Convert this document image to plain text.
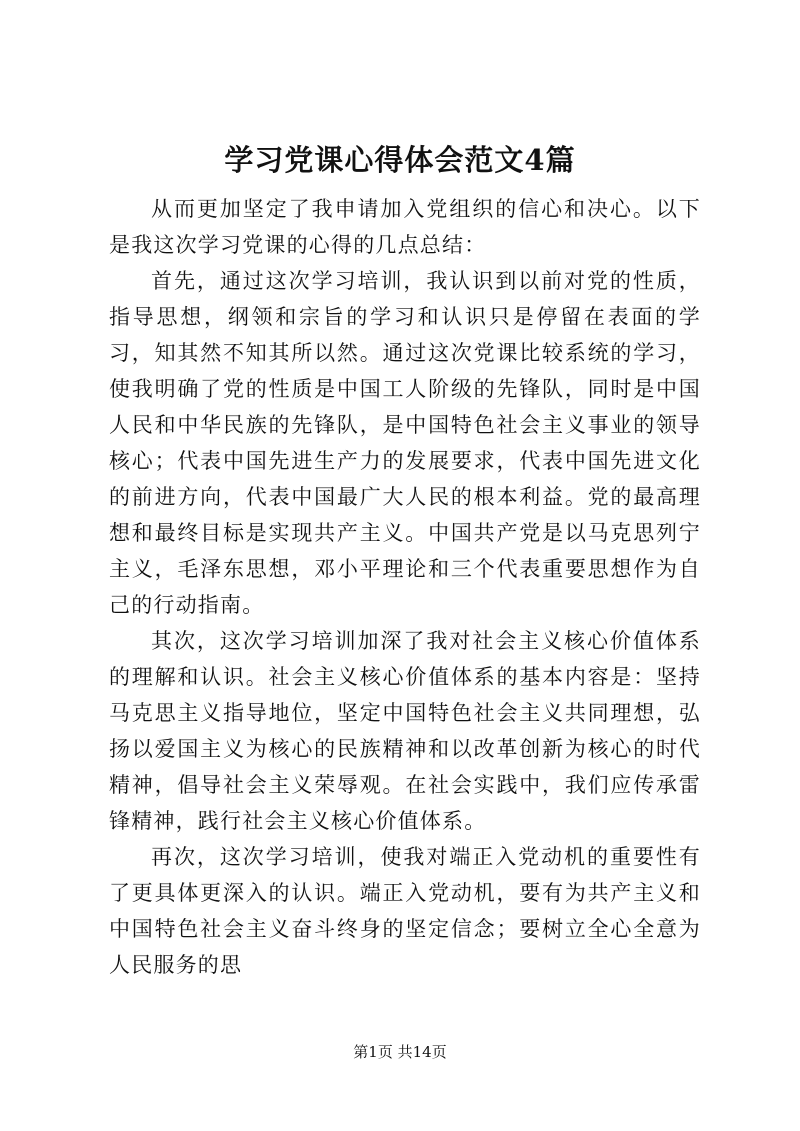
学习党课心得体会范文4篇

从而更加坚定了我申请加入党组织的信心和决心。以下是我这次学习党课的心得的几点总结：

首先，通过这次学习培训，我认识到以前对党的性质，指导思想，纲领和宗旨的学习和认识只是停留在表面的学习，知其然不知其所以然。通过这次党课比较系统的学习，使我明确了党的性质是中国工人阶级的先锋队，同时是中国人民和中华民族的先锋队，是中国特色社会主义事业的领导核心；代表中国先进生产力的发展要求，代表中国先进文化的前进方向，代表中国最广大人民的根本利益。党的最高理想和最终目标是实现共产主义。中国共产党是以马克思列宁主义，毛泽东思想，邓小平理论和三个代表重要思想作为自己的行动指南。

其次，这次学习培训加深了我对社会主义核心价值体系的理解和认识。社会主义核心价值体系的基本内容是：坚持马克思主义指导地位，坚定中国特色社会主义共同理想，弘扬以爱国主义为核心的民族精神和以改革创新为核心的时代精神，倡导社会主义荣辱观。在社会实践中，我们应传承雷锋精神，践行社会主义核心价值体系。

再次，这次学习培训，使我对端正入党动机的重要性有了更具体更深入的认识。端正入党动机，要有为共产主义和中国特色社会主义奋斗终身的坚定信念；要树立全心全意为人民服务的思

第1页 共14页
